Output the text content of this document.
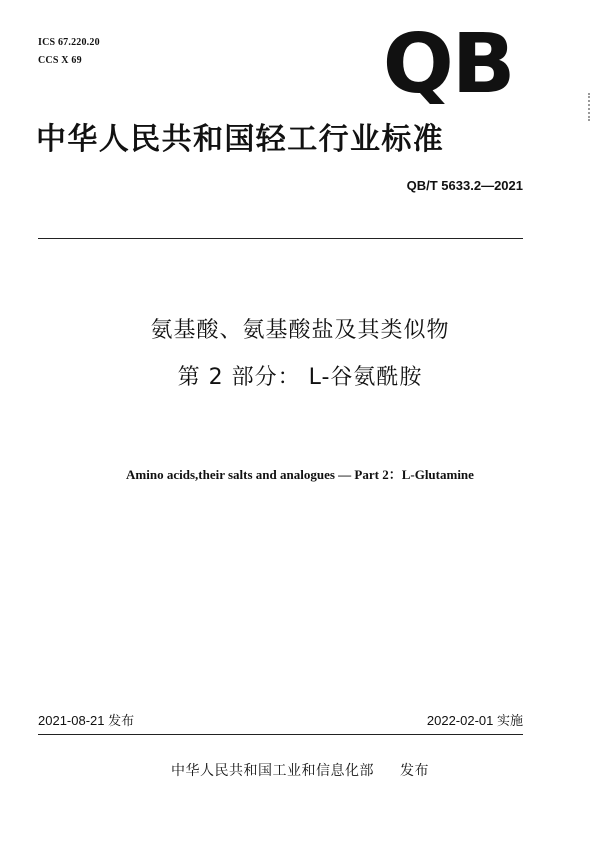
ICS 67.220.20
CCS X 69	QB
中华人民共和国轻工行业标准
QB/T 5633.2—2021
氨基酸、氨基酸盐及其类似物
第 2 部分： L-谷氨酰胺
Amino acids,their salts and analogues — Part 2：L-Glutamine
2021-08-21 发布	2022-02-01 实施
中华人民共和国工业和信息化部 发布
